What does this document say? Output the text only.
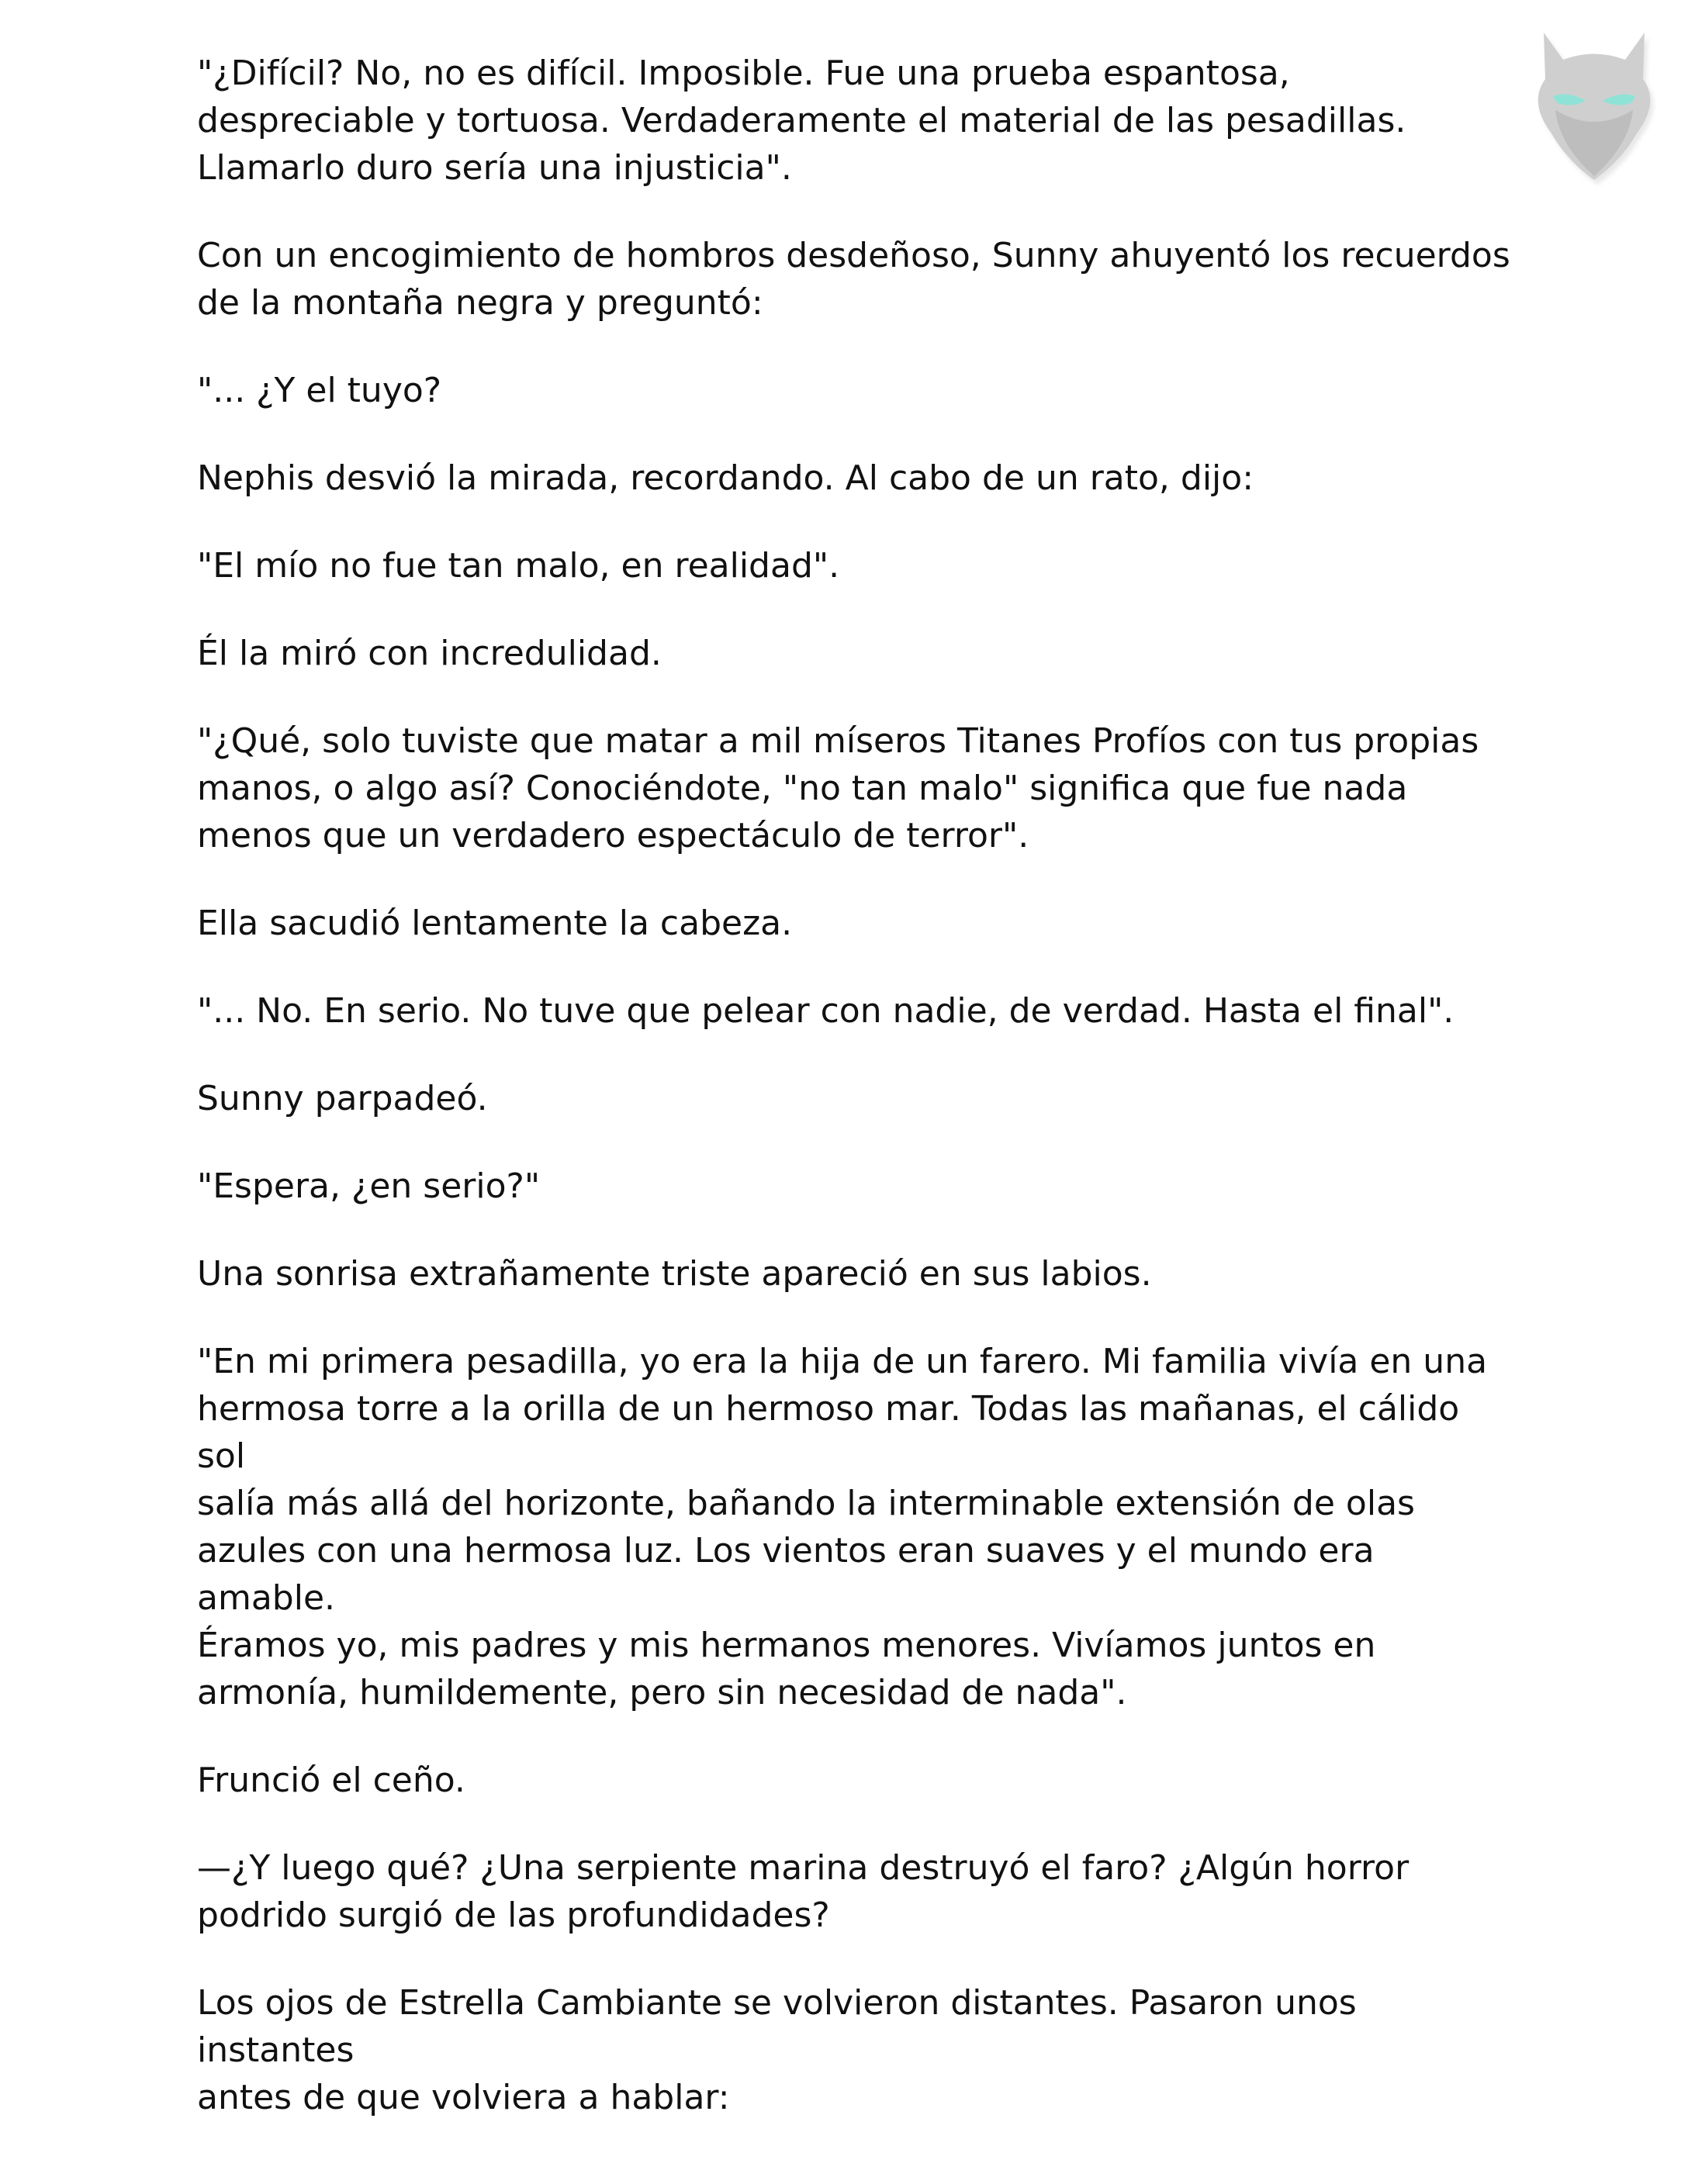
"¿Difícil? No, no es difícil. Imposible. Fue una prueba espantosa,
despreciable y tortuosa. Verdaderamente el material de las pesadillas.
Llamarlo duro sería una injusticia".

Con un encogimiento de hombros desdeñoso, Sunny ahuyentó los recuerdos
de la montaña negra y preguntó:

"... ¿Y el tuyo?

Nephis desvió la mirada, recordando. Al cabo de un rato, dijo:

"El mío no fue tan malo, en realidad".

Él la miró con incredulidad.

"¿Qué, solo tuviste que matar a mil míseros Titanes Profíos con tus propias
manos, o algo así? Conociéndote, "no tan malo" significa que fue nada
menos que un verdadero espectáculo de terror".

Ella sacudió lentamente la cabeza.

"... No. En serio. No tuve que pelear con nadie, de verdad. Hasta el final".

Sunny parpadeó.

"Espera, ¿en serio?"

Una sonrisa extrañamente triste apareció en sus labios.

"En mi primera pesadilla, yo era la hija de un farero. Mi familia vivía en una
hermosa torre a la orilla de un hermoso mar. Todas las mañanas, el cálido sol
salía más allá del horizonte, bañando la interminable extensión de olas
azules con una hermosa luz. Los vientos eran suaves y el mundo era amable.
Éramos yo, mis padres y mis hermanos menores. Vivíamos juntos en
armonía, humildemente, pero sin necesidad de nada".

Frunció el ceño.

—¿Y luego qué? ¿Una serpiente marina destruyó el faro? ¿Algún horror
podrido surgió de las profundidades?

Los ojos de Estrella Cambiante se volvieron distantes. Pasaron unos instantes
antes de que volviera a hablar:
